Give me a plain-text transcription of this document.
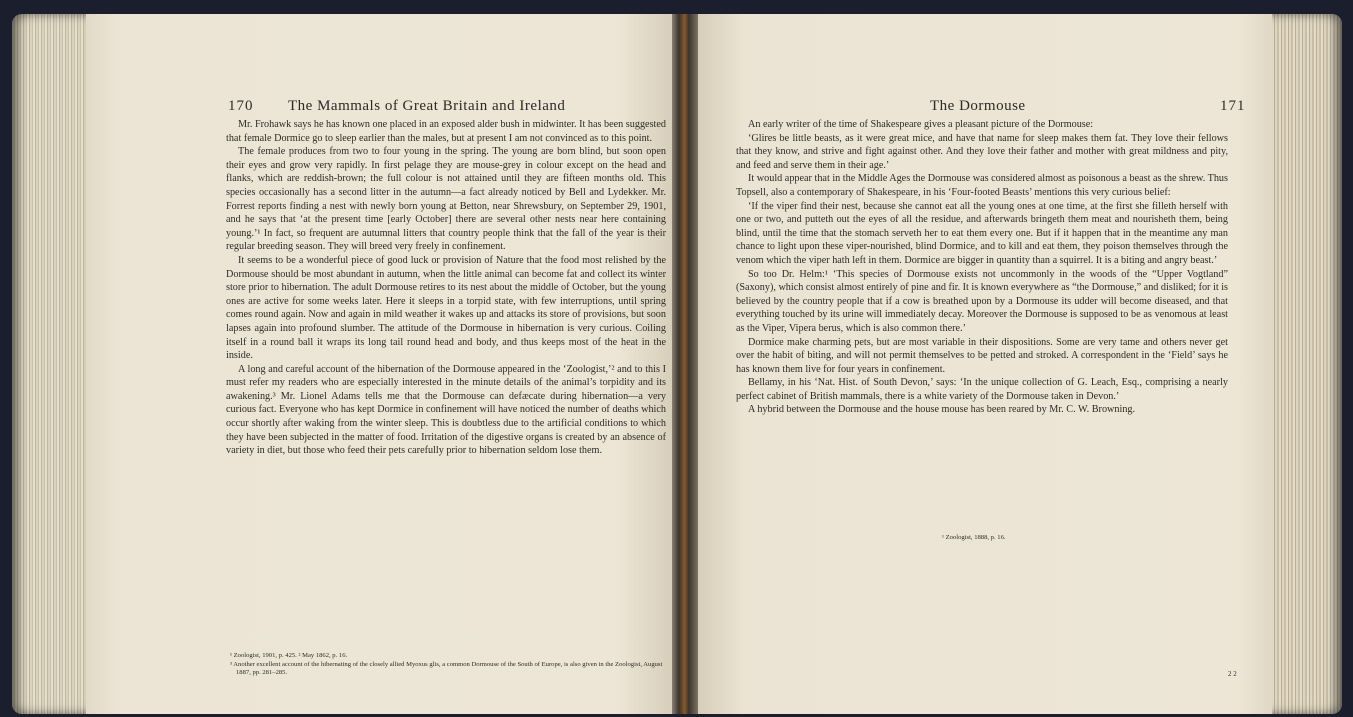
170 The Mammals of Great Britain and Ireland

Mr. Frohawk says he has known one placed in an exposed alder bush in midwinter. It has been suggested that female Dormice go to sleep earlier than the males, but at present I am not convinced as to this point.

The female produces from two to four young in the spring. The young are born blind, but soon open their eyes and grow very rapidly. In first pelage they are mouse-grey in colour except on the head and flanks, which are reddish-brown; the full colour is not attained until they are fifteen months old. This species occasionally has a second litter in the autumn—a fact already noticed by Bell and Lydekker. Mr. Forrest reports finding a nest with newly born young at Betton, near Shrewsbury, on September 29, 1901, and he says that ‘at the present time [early October] there are several other nests near here containing young.’¹ In fact, so frequent are autumnal litters that country people think that the fall of the year is their regular breeding season. They will breed very freely in confinement.

It seems to be a wonderful piece of good luck or provision of Nature that the food most relished by the Dormouse should be most abundant in autumn, when the little animal can become fat and collect its winter store prior to hibernation. The adult Dormouse retires to its nest about the middle of October, but the young ones are active for some weeks later. Here it sleeps in a torpid state, with few interruptions, until spring comes round again. Now and again in mild weather it wakes up and attacks its store of provisions, but soon lapses again into profound slumber. The attitude of the Dormouse in hibernation is very curious. Coiling itself in a round ball it wraps its long tail round head and body, and thus keeps most of the heat in the inside.

A long and careful account of the hibernation of the Dormouse appeared in the ‘Zoologist,’² and to this I must refer my readers who are especially interested in the minute details of the animal’s torpidity and its awakening.³ Mr. Lionel Adams tells me that the Dormouse can defæcate during hibernation—a very curious fact. Everyone who has kept Dormice in confinement will have noticed the number of deaths which occur shortly after waking from the winter sleep. This is doubtless due to the artificial conditions to which they have been subjected in the matter of food. Irritation of the digestive organs is created by an absence of variety in diet, but those who feed their pets carefully prior to hibernation seldom lose them.

¹ Zoologist, 1901, p. 425. ² May 1862, p. 16.

³ Another excellent account of the hibernating of the closely allied Myoxus glis, a common Dormouse of the South of Europe, is also given in the Zoologist, August 1887, pp. 281–285.

The Dormouse	171

An early writer of the time of Shakespeare gives a pleasant picture of the Dormouse:

‘Glires be little beasts, as it were great mice, and have that name for sleep makes them fat. They love their fellows that they know, and strive and fight against other. And they love their father and mother with great mildness and pity, and feed and serve them in their age.’

It would appear that in the Middle Ages the Dormouse was considered almost as poisonous a beast as the shrew. Thus Topsell, also a contemporary of Shakespeare, in his ‘Four-footed Beasts’ mentions this very curious belief:

‘If the viper find their nest, because she cannot eat all the young ones at one time, at the first she filleth herself with one or two, and putteth out the eyes of all the residue, and afterwards bringeth them meat and nourisheth them, being blind, until the time that the stomach serveth her to eat them every one. But if it happen that in the meantime any man chance to light upon these viper-nourished, blind Dormice, and to kill and eat them, they poison themselves through the venom which the viper hath left in them. Dormice are bigger in quantity than a squirrel. It is a biting and angry beast.’

So too Dr. Helm:¹ ‘This species of Dormouse exists not uncommonly in the woods of the “Upper Vogtland” (Saxony), which consist almost entirely of pine and fir. It is known everywhere as “the Dormouse,” and disliked; for it is believed by the country people that if a cow is breathed upon by a Dormouse its udder will become diseased, and that everything touched by its urine will immediately decay. Moreover the Dormouse is supposed to be as venomous at least as the Viper, Vipera berus, which is also common there.’

Dormice make charming pets, but are most variable in their dispositions. Some are very tame and others never get over the habit of biting, and will not permit themselves to be petted and stroked. A correspondent in the ‘Field’ says he has known them live for four years in confinement.

Bellamy, in his ‘Nat. Hist. of South Devon,’ says: ‘In the unique collection of G. Leach, Esq., comprising a nearly perfect cabinet of British mammals, there is a white variety of the Dormouse taken in Devon.’

A hybrid between the Dormouse and the house mouse has been reared by Mr. C. W. Browning.

¹ Zoologist, 1888, p. 16.

2 2
